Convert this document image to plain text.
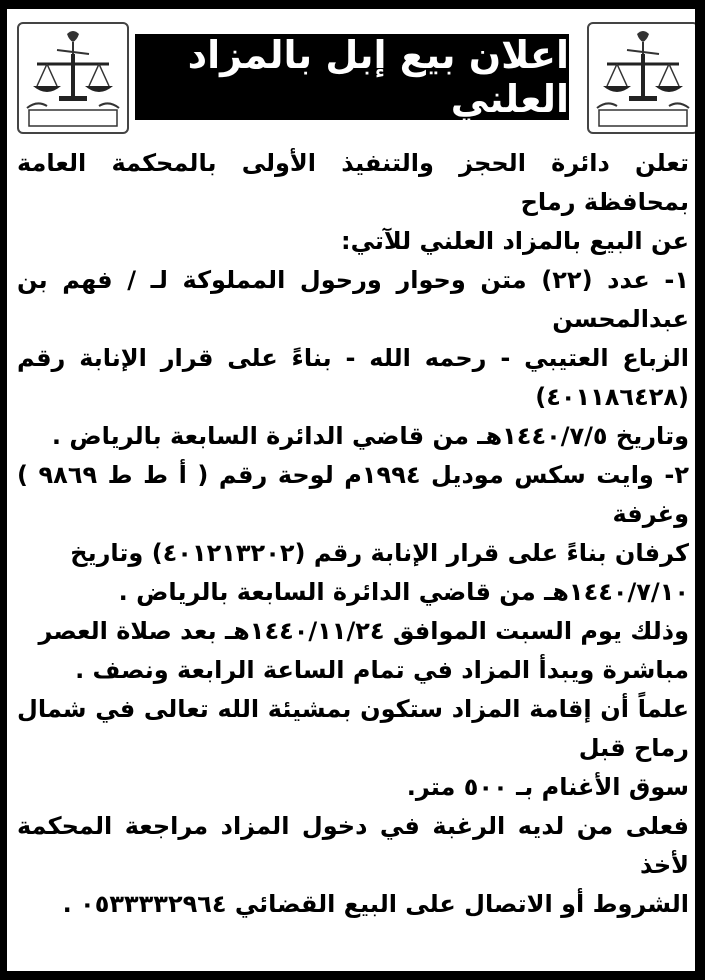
اعلان بيع إبل بالمزاد العلني

تعلن دائرة الحجز والتنفيذ الأولى بالمحكمة العامة بمحافظة رماح

عن البيع بالمزاد العلني للآتي:

١- عدد (٢٢) متن وحوار ورحول المملوكة لـ / فهم بن عبدالمحسن

الزباع العتيبي - رحمه الله - بناءً على قرار الإنابة رقم (٤٠١١٨٦٤٢٨)

وتاريخ ١٤٤٠/٧/٥هـ من قاضي الدائرة السابعة بالرياض .

٢- وايت سكس موديل ١٩٩٤م لوحة رقم ( أ ط ط ٩٨٦٩ ) وغرفة

كرفان بناءً على قرار الإنابة رقم (٤٠١٢١٣٢٠٢) وتاريخ

١٤٤٠/٧/١٠هـ من قاضي الدائرة السابعة بالرياض .

وذلك يوم السبت الموافق ١٤٤٠/١١/٢٤هـ بعد صلاة العصر

مباشرة ويبدأ المزاد في تمام الساعة الرابعة ونصف .

علماً أن إقامة المزاد ستكون بمشيئة الله تعالى في شمال رماح قبل

سوق الأغنام بـ ٥٠٠ متر.

فعلى من لديه الرغبة في دخول المزاد مراجعة المحكمة لأخذ

الشروط أو الاتصال على البيع القضائي ٠٥٣٣٣٣٢٩٦٤ .
